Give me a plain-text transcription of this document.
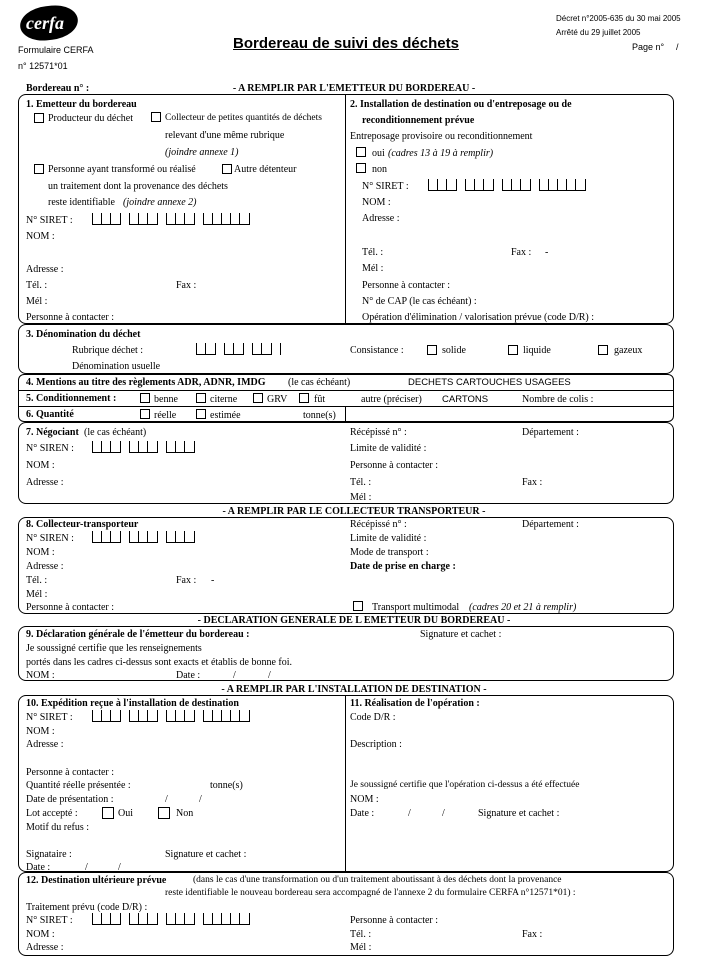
cerfa
Formulaire CERFA
n° 12571*01
Bordereau de suivi des déchets
Décret n°2005-635 du 30 mai 2005
Arrêté du 29 juillet 2005
Page n° /
Bordereau n° :	- A REMPLIR PAR L'EMETTEUR DU BORDEREAU -
1. Emetteur du bordereau
Producteur du déchet	Collecteur de petites quantités de déchets
relevant d'une même rubrique
(joindre annexe 1)
Personne ayant transformé ou réalisé	Autre détenteur
un traitement dont la provenance des déchets
reste identifiable (joindre annexe 2)
N° SIRET :
NOM :
Adresse :
Tél. :	Fax :
Mél :
Personne à contacter :
2. Installation de destination ou d'entreposage ou de
reconditionnement prévue
Entreposage provisoire ou reconditionnement
oui (cadres 13 à 19 à remplir)
non
N° SIRET :
NOM :
Adresse :
Tél. :	Fax : -
Mél :
Personne à contacter :
N° de CAP (le cas échéant) :
Opération d'élimination / valorisation prévue (code D/R) :
3. Dénomination du déchet
Rubrique déchet :
Dénomination usuelle
Consistance :	solide	liquide	gazeux
4. Mentions au titre des règlements ADR, ADNR, IMDG (le cas échéant)	DECHETS CARTOUCHES USAGEES
5. Conditionnement :	benne	citerne	GRV	fût	autre (préciser) CARTONS	Nombre de colis :
6. Quantité	réelle	estimée	tonne(s)
7. Négociant (le cas échéant)
N° SIREN :
NOM :
Adresse :
Récépissé n° :	Département :
Limite de validité :
Personne à contacter :
Tél. :	Fax :
Mél :
- A REMPLIR PAR LE COLLECTEUR TRANSPORTEUR -
8. Collecteur-transporteur
N° SIREN :
NOM :
Adresse :
Tél. :	Fax : -
Mél :
Personne à contacter :
Récépissé n° :	Département :
Limite de validité :
Mode de transport :
Date de prise en charge :
Transport multimodal (cadres 20 et 21 à remplir)
- DECLARATION GENERALE DE L EMETTEUR DU BORDEREAU -
9. Déclaration générale de l'émetteur du bordereau :
Je soussigné certifie que les renseignements
portés dans les cadres ci-dessus sont exacts et établis de bonne foi.
NOM :	Date :	/	/
Signature et cachet :
- A REMPLIR PAR L'INSTALLATION DE DESTINATION -
10. Expédition reçue à l'installation de destination
N° SIRET :
NOM :
Adresse :
Personne à contacter :
Quantité réelle présentée :	tonne(s)
Date de présentation :	/	/
Lot accepté :	Oui	Non
Motif du refus :
Signataire :	Signature et cachet :
Date :	/	/
11. Réalisation de l'opération :
Code D/R :
Description :
Je soussigné certifie que l'opération ci-dessus a été effectuée
NOM :
Date :	/	/	Signature et cachet :
12. Destination ultérieure prévue	(dans le cas d'une transformation ou d'un traitement aboutissant à des déchets dont la provenance
reste identifiable le nouveau bordereau sera accompagné de l'annexe 2 du formulaire CERFA n°12571*01) :
Traitement prévu (code D/R) :
N° SIRET :
NOM :
Adresse :
Personne à contacter :
Tél. :	Fax :
Mél :
